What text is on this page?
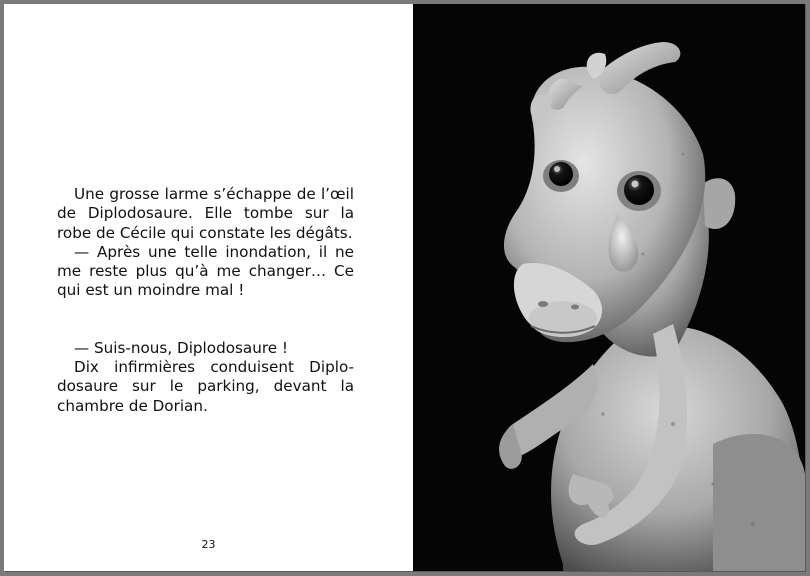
Une grosse larme s’échappe de l’œil de Diplodosaure. Elle tombe sur la robe de Cécile qui constate les dégâts.

— Après une telle inondation, il ne me reste plus qu’à me changer… Ce qui est un moindre mal !

— Suis-nous, Diplodosaure !

Dix infirmières conduisent Diplo-dosaure sur le parking, devant la chambre de Dorian.

23
